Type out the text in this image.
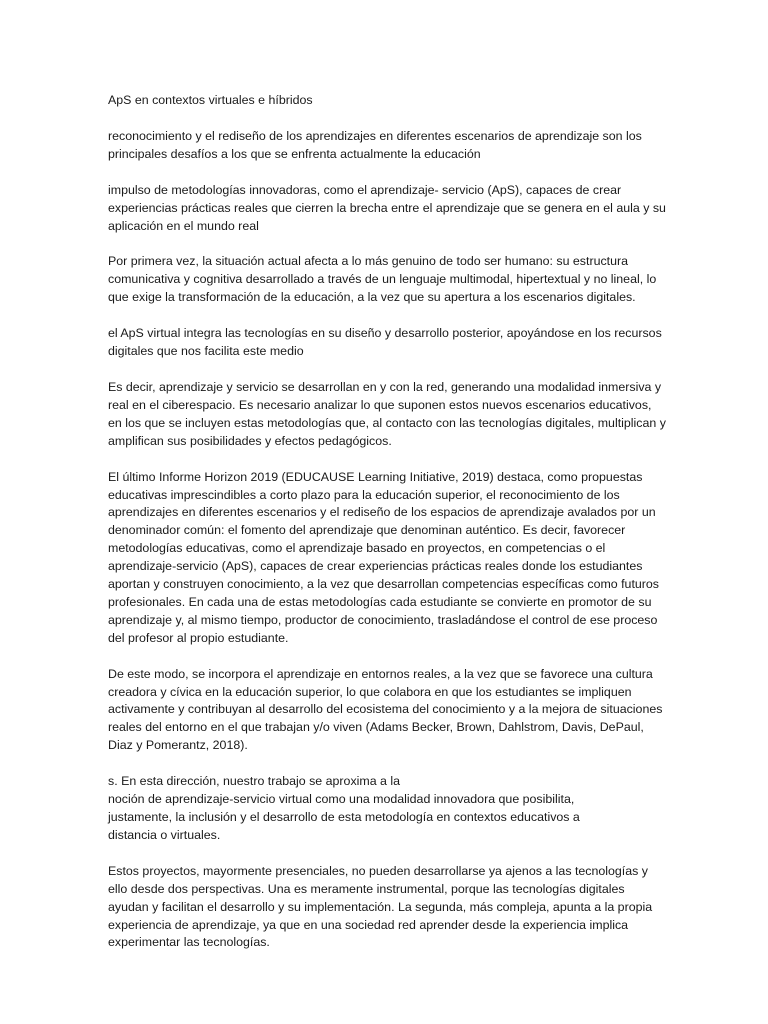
ApS en contextos virtuales e híbridos

reconocimiento y el rediseño de los aprendizajes en diferentes escenarios de aprendizaje son los principales desafíos a los que se enfrenta actualmente la educación

impulso de metodologías innovadoras, como el aprendizaje- servicio (ApS), capaces de crear experiencias prácticas reales que cierren la brecha entre el aprendizaje que se genera en el aula y su aplicación en el mundo real

Por primera vez, la situación actual afecta a lo más genuino de todo ser humano: su estructura comunicativa y cognitiva desarrollado a través de un lenguaje multimodal, hipertextual y no lineal, lo que exige la transformación de la educación, a la vez que su apertura a los escenarios digitales.

el ApS virtual integra las tecnologías en su diseño y desarrollo posterior, apoyándose en los recursos digitales que nos facilita este medio

Es decir, aprendizaje y servicio se desarrollan en y con la red, generando una modalidad inmersiva y real en el ciberespacio. Es necesario analizar lo que suponen estos nuevos escenarios educativos, en los que se incluyen estas metodologías que, al contacto con las tecnologías digitales, multiplican y amplifican sus posibilidades y efectos pedagógicos.

El último Informe Horizon 2019 (EDUCAUSE Learning Initiative, 2019) destaca, como propuestas educativas imprescindibles a corto plazo para la educación superior, el reconocimiento de los aprendizajes en diferentes escenarios y el rediseño de los espacios de aprendizaje avalados por un denominador común: el fomento del aprendizaje que denominan auténtico. Es decir, favorecer metodologías educativas, como el aprendizaje basado en proyectos, en competencias o el aprendizaje-servicio (ApS), capaces de crear experiencias prácticas reales donde los estudiantes aportan y construyen conocimiento, a la vez que desarrollan competencias específicas como futuros profesionales. En cada una de estas metodologías cada estudiante se convierte en promotor de su aprendizaje y, al mismo tiempo, productor de conocimiento, trasladándose el control de ese proceso del profesor al propio estudiante.

De este modo, se incorpora el aprendizaje en entornos reales, a la vez que se favorece una cultura creadora y cívica en la educación superior, lo que colabora en que los estudiantes se impliquen activamente y contribuyan al desarrollo del ecosistema del conocimiento y a la mejora de situaciones reales del entorno en el que trabajan y/o viven (Adams Becker, Brown, Dahlstrom, Davis, DePaul, Diaz y Pomerantz, 2018).

s. En esta dirección, nuestro trabajo se aproxima a la
noción de aprendizaje-servicio virtual como una modalidad innovadora que posibilita,
justamente, la inclusión y el desarrollo de esta metodología en contextos educativos a
distancia o virtuales.

Estos proyectos, mayormente presenciales, no pueden desarrollarse ya ajenos a las tecnologías y ello desde dos perspectivas. Una es meramente instrumental, porque las tecnologías digitales ayudan y facilitan el desarrollo y su implementación. La segunda, más compleja, apunta a la propia experiencia de aprendizaje, ya que en una sociedad red aprender desde la experiencia implica experimentar las tecnologías.
